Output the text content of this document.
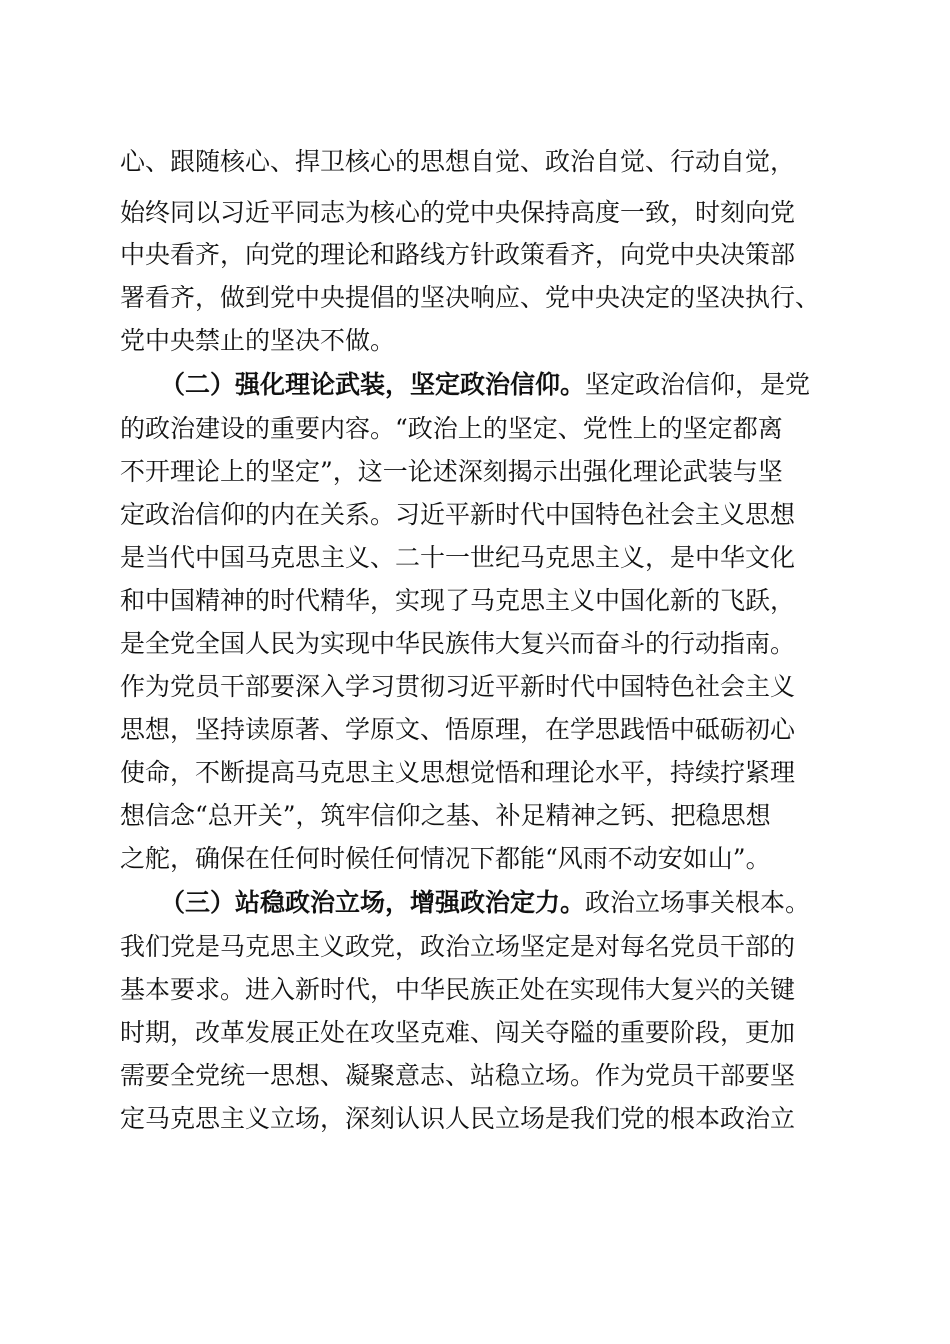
心、跟随核心、捍卫核心的思想自觉、政治自觉、行动自觉，
始终同以习近平同志为核心的党中央保持高度一致，时刻向党
中央看齐，向党的理论和路线方针政策看齐，向党中央决策部
署看齐，做到党中央提倡的坚决响应、党中央决定的坚决执行、
党中央禁止的坚决不做。
（二）强化理论武装，坚定政治信仰。坚定政治信仰，是党
的政治建设的重要内容。“政治上的坚定、党性上的坚定都离
不开理论上的坚定”，这一论述深刻揭示出强化理论武装与坚
定政治信仰的内在关系。习近平新时代中国特色社会主义思想
是当代中国马克思主义、二十一世纪马克思主义，是中华文化
和中国精神的时代精华，实现了马克思主义中国化新的飞跃，
是全党全国人民为实现中华民族伟大复兴而奋斗的行动指南。
作为党员干部要深入学习贯彻习近平新时代中国特色社会主义
思想，坚持读原著、学原文、悟原理，在学思践悟中砥砺初心
使命，不断提高马克思主义思想觉悟和理论水平，持续拧紧理
想信念“总开关”，筑牢信仰之基、补足精神之钙、把稳思想
之舵，确保在任何时候任何情况下都能“风雨不动安如山”。
（三）站稳政治立场，增强政治定力。政治立场事关根本。
我们党是马克思主义政党，政治立场坚定是对每名党员干部的
基本要求。进入新时代，中华民族正处在实现伟大复兴的关键
时期，改革发展正处在攻坚克难、闯关夺隘的重要阶段，更加
需要全党统一思想、凝聚意志、站稳立场。作为党员干部要坚
定马克思主义立场，深刻认识人民立场是我们党的根本政治立
